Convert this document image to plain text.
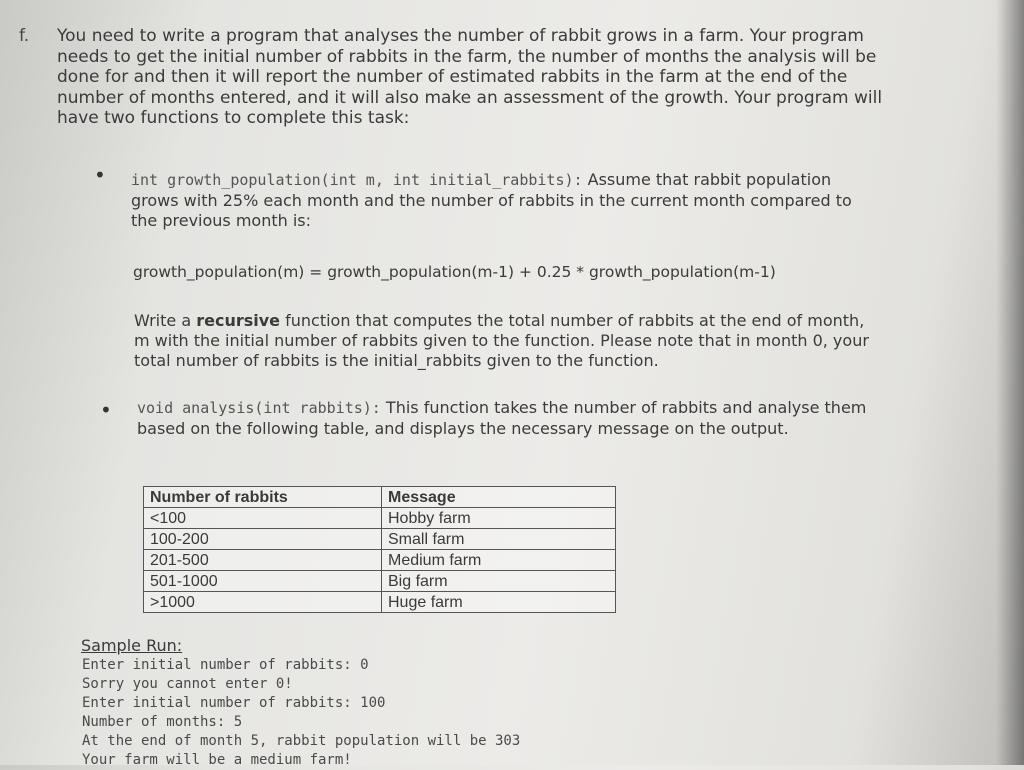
f. You need to write a program that analyses the number of rabbit grows in a farm. Your program needs to get the initial number of rabbits in the farm, the number of months the analysis will be done for and then it will report the number of estimated rabbits in the farm at the end of the number of months entered, and it will also make an assessment of the growth. Your program will have two functions to complete this task:
• int growth_population(int m, int initial_rabbits): Assume that rabbit population grows with 25% each month and the number of rabbits in the current month compared to the previous month is:
growth_population(m) = growth_population(m-1) + 0.25 * growth_population(m-1)
Write a recursive function that computes the total number of rabbits at the end of month, m with the initial number of rabbits given to the function. Please note that in month 0, your total number of rabbits is the initial_rabbits given to the function.
• void analysis(int rabbits): This function takes the number of rabbits and analyse them based on the following table, and displays the necessary message on the output.
Number of rabbits	Message
<100	Hobby farm
100-200	Small farm
201-500	Medium farm
501-1000	Big farm
>1000	Huge farm
Sample Run:
Enter initial number of rabbits: 0
Sorry you cannot enter 0!
Enter initial number of rabbits: 100
Number of months: 5
At the end of month 5, rabbit population will be 303
Your farm will be a medium farm!
